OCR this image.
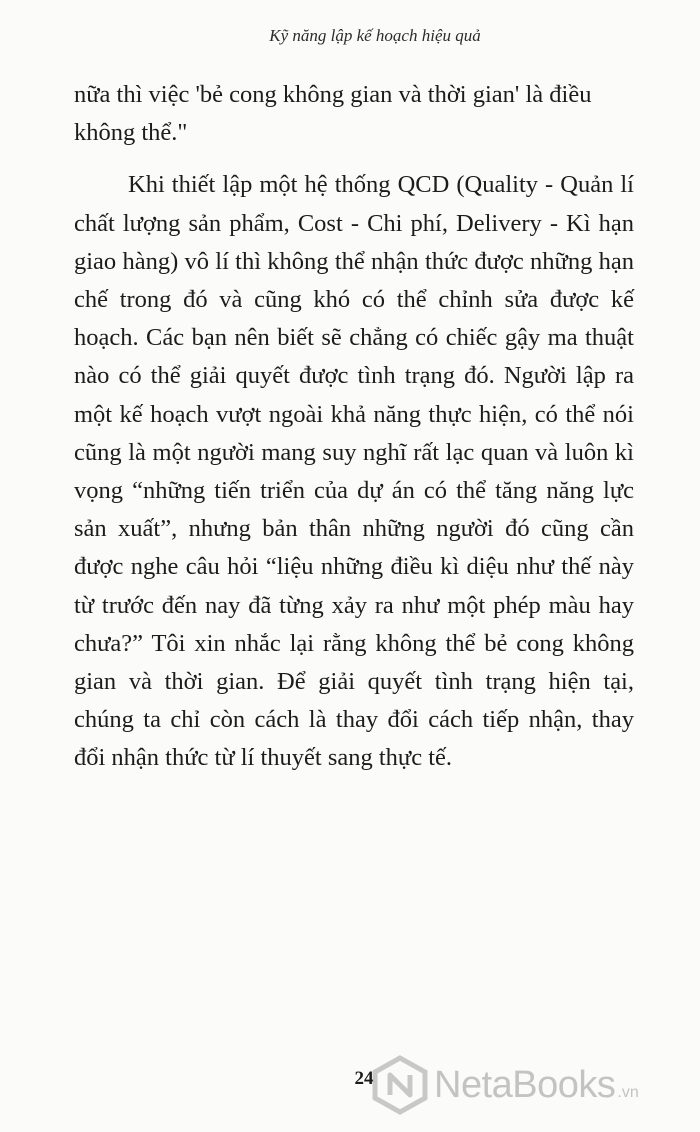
Kỹ năng lập kế hoạch hiệu quả

nữa thì việc 'bẻ cong không gian và thời gian' là điều
không thể."

Khi thiết lập một hệ thống QCD (Quality - Quản lí chất lượng sản phẩm, Cost - Chi phí, Delivery - Kì hạn giao hàng) vô lí thì không thể nhận thức được những hạn chế trong đó và cũng khó có thể chỉnh sửa được kế hoạch. Các bạn nên biết sẽ chẳng có chiếc gậy ma thuật nào có thể giải quyết được tình trạng đó. Người lập ra một kế hoạch vượt ngoài khả năng thực hiện, có thể nói cũng là một người mang suy nghĩ rất lạc quan và luôn kì vọng “những tiến triển của dự án có thể tăng năng lực sản xuất”, nhưng bản thân những người đó cũng cần được nghe câu hỏi “liệu những điều kì diệu như thế này từ trước đến nay đã từng xảy ra như một phép màu hay chưa?” Tôi xin nhắc lại rằng không thể bẻ cong không gian và thời gian. Để giải quyết tình trạng hiện tại, chúng ta chỉ còn cách là thay đổi cách tiếp nhận, thay đổi nhận thức từ lí thuyết sang thực tế.

24	NetaBooks .vn
